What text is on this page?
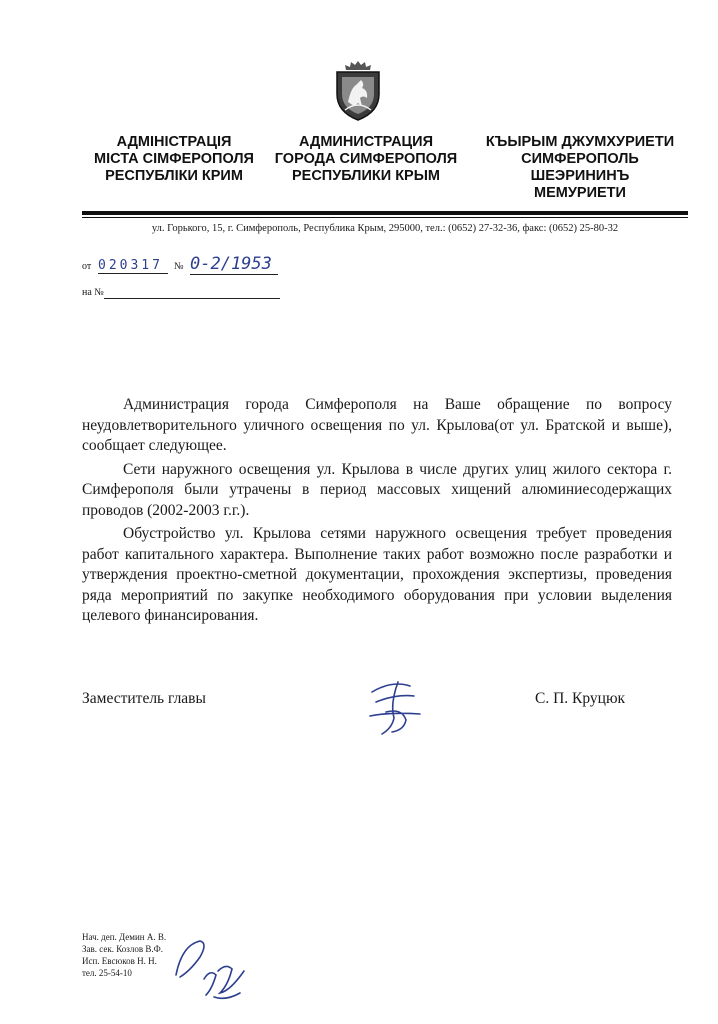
АДМІНІСТРАЦІЯ
МІСТА СІМФЕРОПОЛЯ
РЕСПУБЛІКИ КРИМ
АДМИНИСТРАЦИЯ
ГОРОДА СИМФЕРОПОЛЯ
РЕСПУБЛИКИ КРЫМ
КЪЫРЫМ ДЖУМХУРИЕТИ
СИМФЕРОПОЛЬ
ШЕЭРИНИНЪ
МЕМУРИЕТИ
ул. Горького, 15, г. Симферополь, Республика Крым, 295000, тел.: (0652) 27-32-36, факс: (0652) 25-80-32
от 020317	№ 0-2/1953
на №

Администрация города Симферополя на Ваше обращение по вопросу неудовлетворительного уличного освещения по ул. Крылова(от ул. Братской и выше), сообщает следующее.

Сети наружного освещения ул. Крылова в числе других улиц жилого сектора г. Симферополя были утрачены в период массовых хищений алюминиесодержащих проводов (2002-2003 г.г.).

Обустройство ул. Крылова сетями наружного освещения требует проведения работ капитального характера. Выполнение таких работ возможно после разработки и утверждения проектно-сметной документации, прохождения экспертизы, проведения ряда мероприятий по закупке необходимого оборудования при условии выделения целевого финансирования.

Заместитель главы	С. П. Круцюк
Нач. деп. Демин А. В.
Зав. сек. Козлов В.Ф.
Исп. Евсюков Н. Н.
тел. 25-54-10
